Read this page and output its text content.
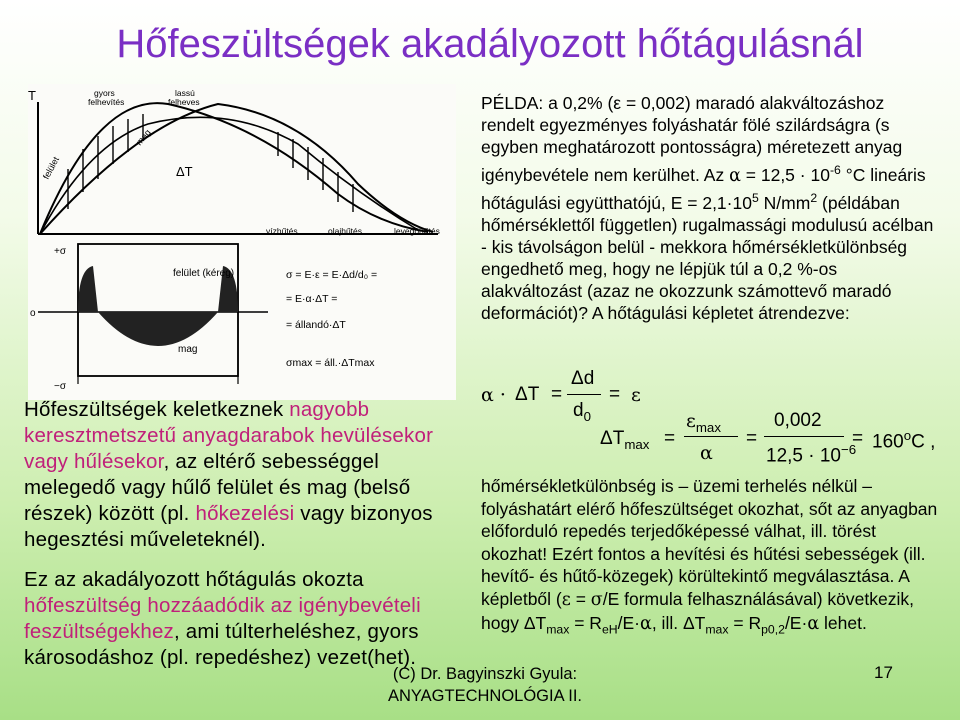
Hőfeszültségek akadályozott hőtágulásnál
T	gyors
felhevítés
lassú
felheves
felület
mag
ΔT
vízhűtés	olajhűtés	levegőhűtés
+σ
−σ
o
felület (kéreg)
mag
σ = E·ε = E·Δd/d₀ =
= E·α·ΔT =
= állandó·ΔT
σmax = áll.·ΔTmax
Hőfeszültségek keletkeznek nagyobb keresztmetszetű anyagdarabok hevülésekor vagy hűlésekor, az eltérő sebességgel melegedő vagy hűlő felület és mag (belső részek) között (pl. hőkezelési vagy bizonyos hegesztési műveleteknél).
Ez az akadályozott hőtágulás okozta hőfeszültség hozzáadódik az igénybevételi feszültségekhez, ami túlterheléshez, gyors károsodáshoz (pl. repedéshez) vezet(het).
PÉLDA: a 0,2% (ε = 0,002) maradó alakváltozáshoz rendelt egyezményes folyáshatár fölé szilárdságra (s egyben meghatározott pontosságra) méretezett anyag igénybevétele nem kerülhet. Az $\alpha = 12,5 \cdot 10^{-6}$ °C lineáris hőtágulási együtthatójú, $E = 2,1\cdot 10^5$ $N/mm^2$ (példában hőmérséklettől független) rugalmassági modulusú acélban - kis távolságon belül - mekkora hőmérsékletkülönbség engedhető meg, hogy ne lépjük túl a 0,2 %-os alakváltozást (azaz ne okozzunk számottevő maradó deformációt)? A hőtágulási képletet átrendezve:
α · ΔT =
Δd
$d_0$
= ε
$\Delta T_{max}$ =
$\varepsilon_{max}$
α
=
0,002
$12,5 \cdot 10^{-6}$
= $160^oC$ ,
hőmérsékletkülönbség is – üzemi terhelés nélkül – folyáshatárt elérő hőfeszültséget okozhat, sőt az anyagban előforduló repedés terjedőképessé válhat, ill. törést okozhat! Ezért fontos a hevítési és hűtési sebességek (ill. hevítő- és hűtő-közegek) körültekintő megválasztása. A képletből (ε = σ/E formula felhasználásával) következik, hogy $\Delta T_{max} = R_{eH}/E\cdot\alpha$, ill. $\Delta T_{max} = R_{p0,2}/E\cdot\alpha$ lehet.
(C) Dr. Bagyinszki Gyula:
ANYAGTECHNOLÓGIA II.
17
